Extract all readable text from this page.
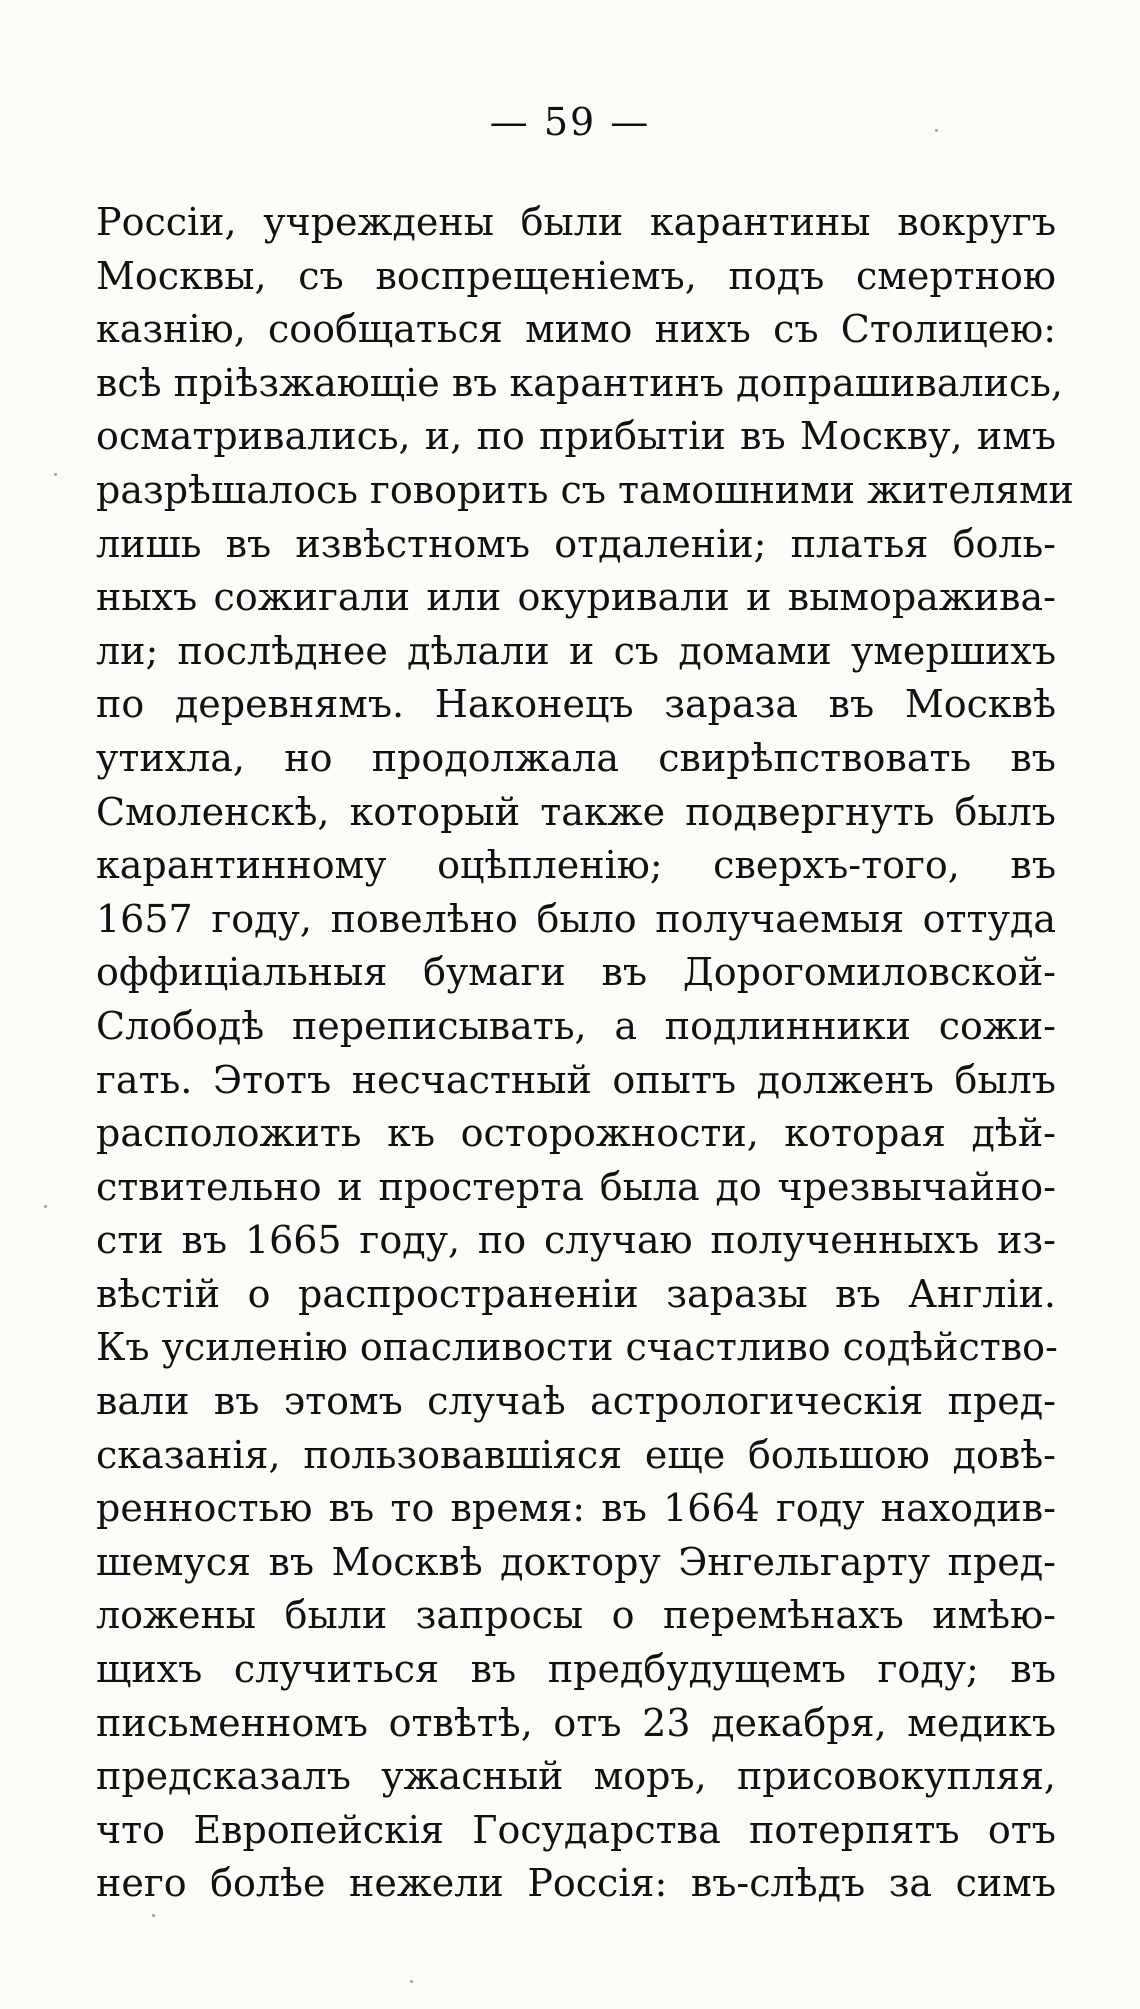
— 59 —
Россіи, учреждены были карантины вокругъ
Москвы, съ воспрещеніемъ, подъ смертною
казнію, сообщаться мимо нихъ съ Столицею:
всѣ пріѣзжающіе въ карантинъ допрашивались,
осматривались, и, по прибытіи въ Москву, имъ
разрѣшалось говорить съ тамошними жителями
лишь въ извѣстномъ отдаленіи; платья боль-
ныхъ сожигали или окуривали и вымораживa-
ли; послѣднее дѣлали и съ домами умершихъ
по деревнямъ. Наконецъ зараза въ Москвѣ
утихла, но продолжала свирѣпствовать въ
Смоленскѣ, который также подвергнуть былъ
карантинному оцѣпленію; сверхъ-того, въ
1657 году, повелѣно было получаемыя оттуда
оффиціальныя бумаги въ Дорогомиловской-
Слободѣ переписывать, а подлинники сожи-
гать. Этотъ несчастный опытъ долженъ былъ
расположить къ осторожности, которая дѣй-
ствительно и простерта была до чрезвычайно-
сти въ 1665 году, по случаю полученныхъ из-
вѣстій о распространеніи заразы въ Англіи.
Къ усиленію опасливости счастливо содѣйство-
вали въ этомъ случаѣ астрологическія пред-
сказанія, пользовавшіяся еще большою довѣ-
ренностью въ то время: въ 1664 году находив-
шемуся въ Москвѣ доктору Энгельгарту пред-
ложены были запросы о перемѣнахъ имѣю-
щихъ случиться въ предбудущемъ году; въ
письменномъ отвѣтѣ, отъ 23 декабря, медикъ
предсказалъ ужасный моръ, присовокупляя,
что Европейскія Государства потерпятъ отъ
него болѣе нежели Россія: въ-слѣдъ за симъ
